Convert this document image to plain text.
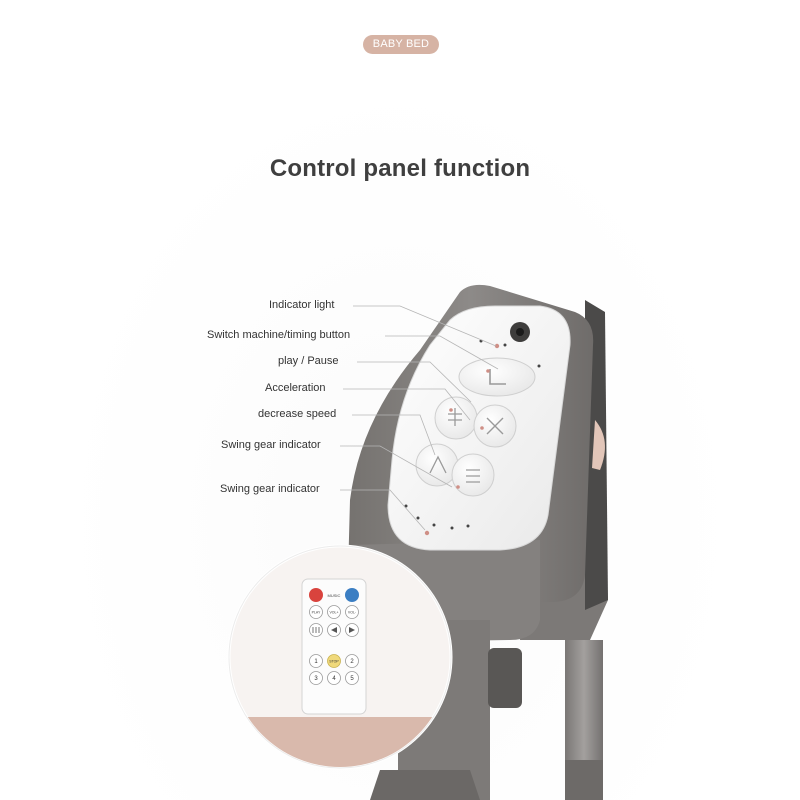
BABY BED
Control panel function
Indicator light
Switch machine/timing button
play / Pause
Acceleration
decrease speed
Swing gear indicator
Swing gear indicator
MUSIC
PLAY	VOL+	VOL-
1	STOP 2
3 4 5
